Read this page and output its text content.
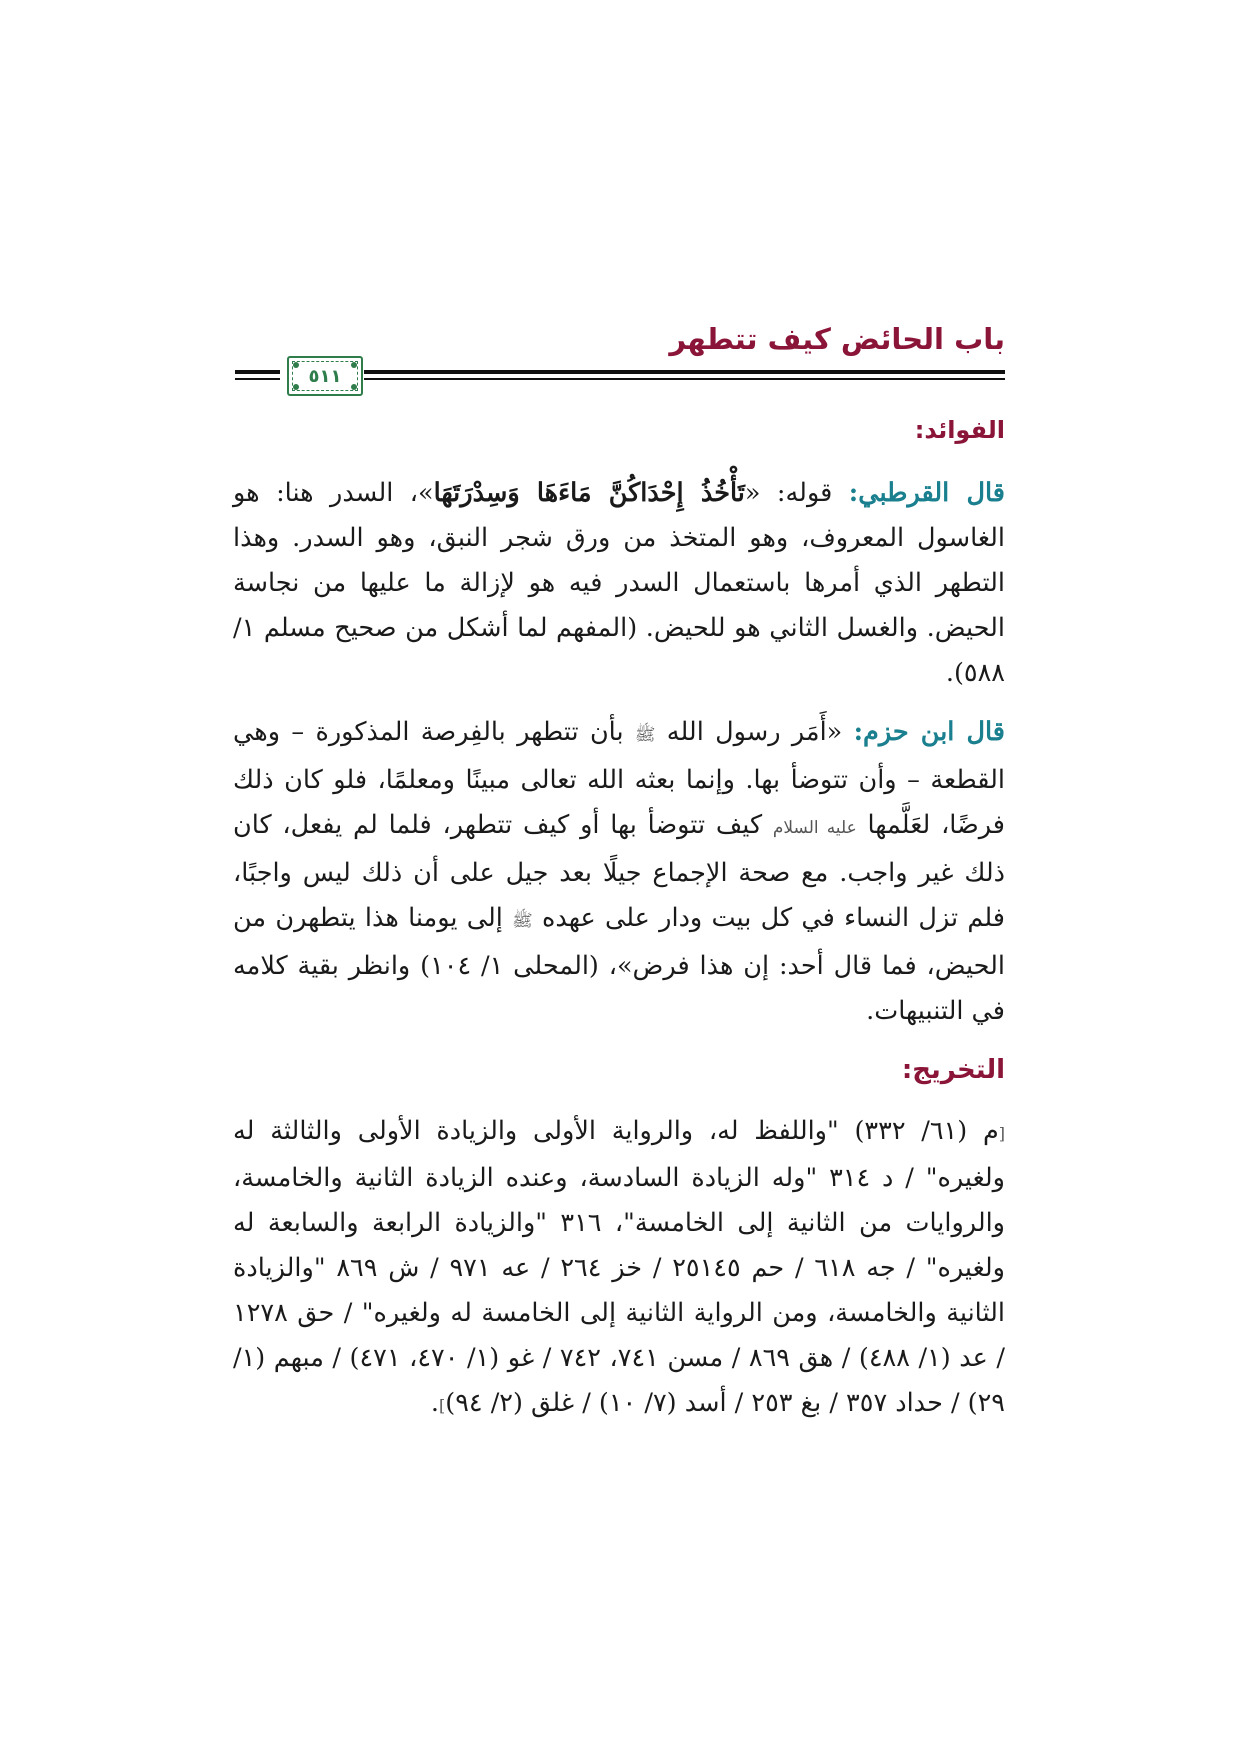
باب الحائض كيف تتطهر
٥١١
الفوائد:

قال القرطبي: قوله: «تَأْخُذُ إِحْدَاكُنَّ مَاءَهَا وَسِدْرَتَهَا»، السدر هنا: هو الغاسول المعروف، وهو المتخذ من ورق شجر النبق، وهو السدر. وهذا التطهر الذي أمرها باستعمال السدر فيه هو لإزالة ما عليها من نجاسة الحيض. والغسل الثاني هو للحيض. (المفهم لما أشكل من صحيح مسلم ١/ ٥٨٨).

قال ابن حزم: «أَمَر رسول الله ﷺ بأن تتطهر بالفِرصة المذكورة – وهي القطعة – وأن تتوضأ بها. وإنما بعثه الله تعالى مبينًا ومعلمًا، فلو كان ذلك فرضًا، لعَلَّمها عليه السلام كيف تتوضأ بها أو كيف تتطهر، فلما لم يفعل، كان ذلك غير واجب. مع صحة الإجماع جيلًا بعد جيل على أن ذلك ليس واجبًا، فلم تزل النساء في كل بيت ودار على عهده ﷺ إلى يومنا هذا يتطهرن من الحيض، فما قال أحد: إن هذا فرض»، (المحلى ١/ ١٠٤) وانظر بقية كلامه في التنبيهات.

التخريج:

[م (٦١/ ٣٣٢) "واللفظ له، والرواية الأولى والزيادة الأولى والثالثة له ولغيره" / د ٣١٤ "وله الزيادة السادسة، وعنده الزيادة الثانية والخامسة، والروايات من الثانية إلى الخامسة"، ٣١٦ "والزيادة الرابعة والسابعة له ولغيره" / جه ٦١٨ / حم ٢٥١٤٥ / خز ٢٦٤ / عه ٩٧١ / ش ٨٦٩ "والزيادة الثانية والخامسة، ومن الرواية الثانية إلى الخامسة له ولغيره" / حق ١٢٧٨ / عد (١/ ٤٨٨) / هق ٨٦٩ / مسن ٧٤١، ٧٤٢ / غو (١/ ٤٧٠، ٤٧١) / مبهم (١/ ٢٩) / حداد ٣٥٧ / بغ ٢٥٣ / أسد (٧/ ١٠) / غلق (٢/ ٩٤)].
